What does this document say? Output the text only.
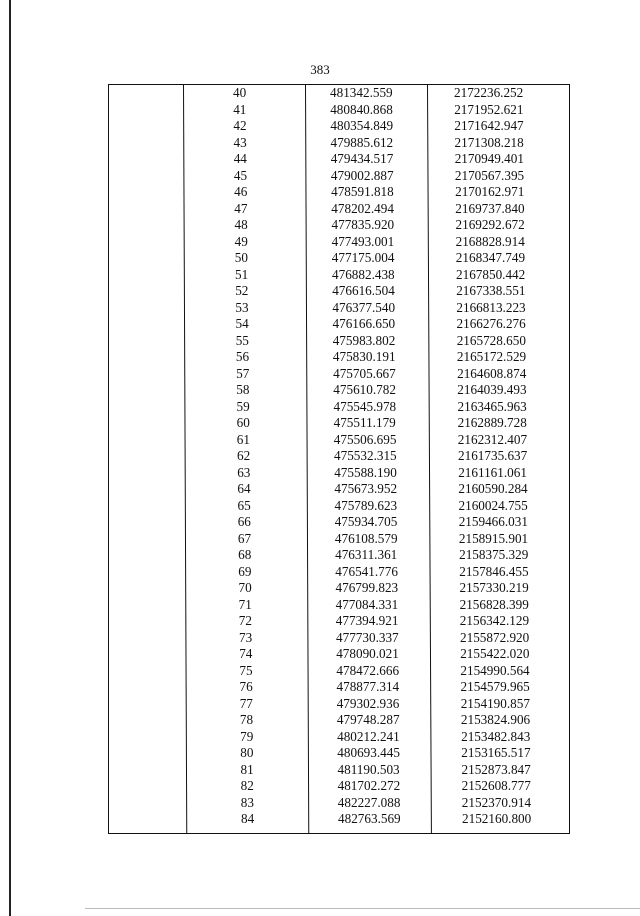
383
40	481342.559	2172236.252
41	480840.868	2171952.621
42	480354.849	2171642.947
43	479885.612	2171308.218
44	479434.517	2170949.401
45	479002.887	2170567.395
46	478591.818	2170162.971
47	478202.494	2169737.840
48	477835.920	2169292.672
49	477493.001	2168828.914
50	477175.004	2168347.749
51	476882.438	2167850.442
52	476616.504	2167338.551
53	476377.540	2166813.223
54	476166.650	2166276.276
55	475983.802	2165728.650
56	475830.191	2165172.529
57	475705.667	2164608.874
58	475610.782	2164039.493
59	475545.978	2163465.963
60	475511.179	2162889.728
61	475506.695	2162312.407
62	475532.315	2161735.637
63	475588.190	2161161.061
64	475673.952	2160590.284
65	475789.623	2160024.755
66	475934.705	2159466.031
67	476108.579	2158915.901
68	476311.361	2158375.329
69	476541.776	2157846.455
70	476799.823	2157330.219
71	477084.331	2156828.399
72	477394.921	2156342.129
73	477730.337	2155872.920
74	478090.021	2155422.020
75	478472.666	2154990.564
76	478877.314	2154579.965
77	479302.936	2154190.857
78	479748.287	2153824.906
79	480212.241	2153482.843
80	480693.445	2153165.517
81	481190.503	2152873.847
82	481702.272	2152608.777
83	482227.088	2152370.914
84	482763.569	2152160.800
